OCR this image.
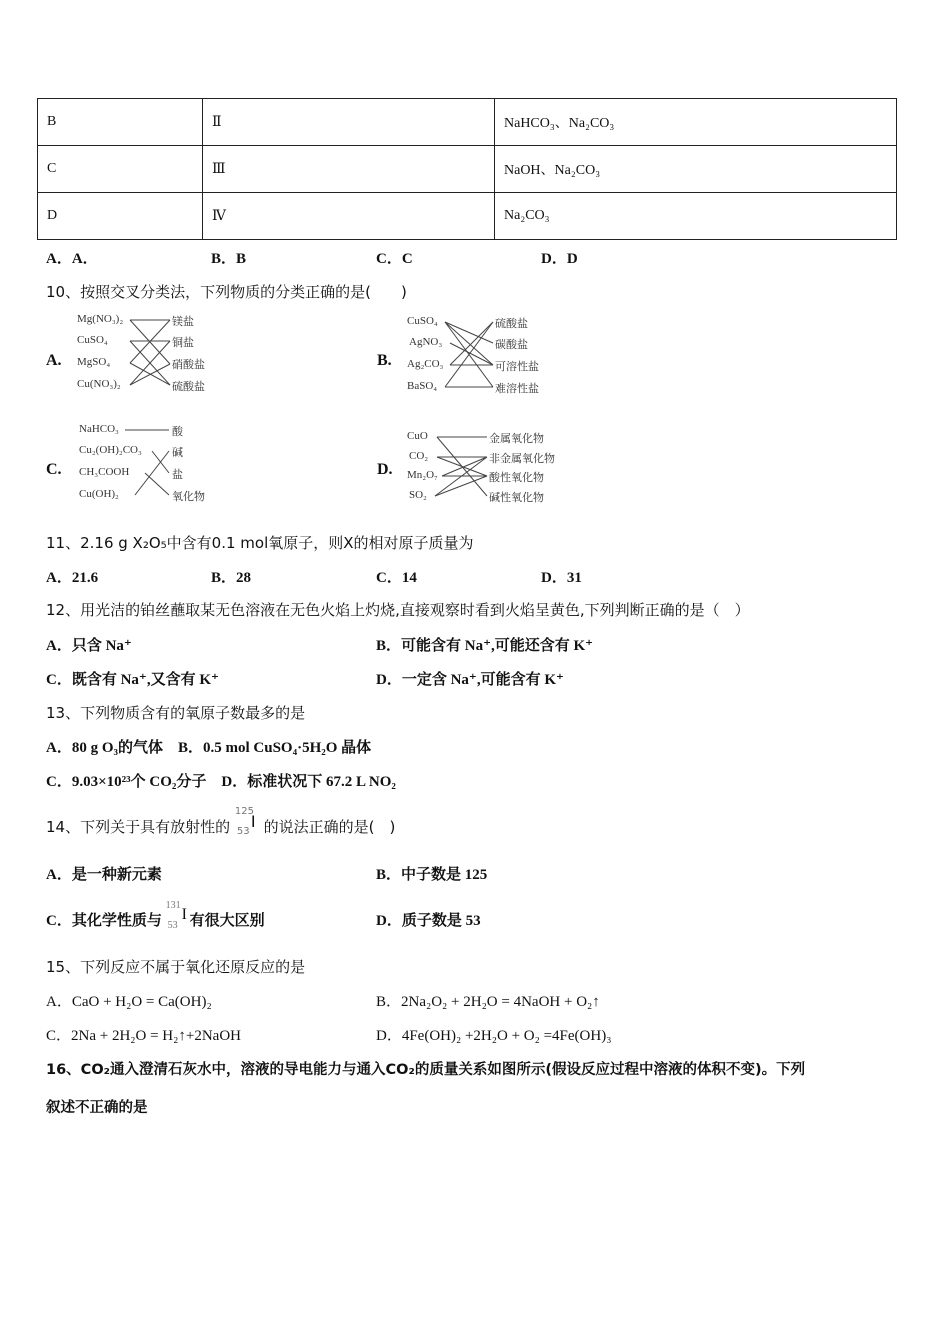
B	Ⅱ	NaHCO₃、Na₂CO₃
C	Ⅲ	NaOH、Na₂CO₃
D	Ⅳ	Na₂CO₃
A．A．	B．B	C．C	D．D
10、按照交叉分类法，下列物质的分类正确的是(　　)
A.
Mg(NO₃)₂
CuSO₄
MgSO₄
Cu(NO₃)₂
镁盐
铜盐
硝酸盐
硫酸盐
B.
CuSO₄
AgNO₃
Ag₂CO₃
BaSO₄
硫酸盐
碳酸盐
可溶性盐
难溶性盐
C.
NaHCO₃
Cu₂(OH)₂CO₃
CH₃COOH
Cu(OH)₂
酸
碱
盐
氧化物
D.
CuO
CO₂
Mn₂O₇
SO₂
金属氧化物
非金属氧化物
酸性氧化物
碱性氧化物
11、2.16 g X₂O₅中含有0.1 mol氧原子，则X的相对原子质量为
A．21.6	B．28	C．14	D．31
12、用光洁的铂丝蘸取某无色溶液在无色火焰上灼烧,直接观察时看到火焰呈黄色,下列判断正确的是（　）
A．只含 Na⁺	B．可能含有 Na⁺,可能还含有 K⁺
C．既含有 Na⁺,又含有 K⁺	D．一定含 Na⁺,可能含有 K⁺
13、下列物质含有的氧原子数最多的是
A．80 g O₃的气体　B．0.5 mol CuSO₄·5H₂O 晶体
C．9.03×10²³个 CO₂分子　D．标准状况下 67.2 L NO₂
14、下列关于具有放射性的
125
53
I 的说法正确的是(　)
A．是一种新元素	B．中子数是 125
C．其化学性质与
131
53
I 有很大区别	D．质子数是 53
15、下列反应不属于氧化还原反应的是
A．CaO + H₂O = Ca(OH)₂	B．2Na₂O₂ + 2H₂O = 4NaOH + O₂↑
C．2Na + 2H₂O = H₂↑+2NaOH	D．4Fe(OH)₂ +2H₂O + O₂ =4Fe(OH)₃
16、CO₂通入澄清石灰水中，溶液的导电能力与通入CO₂的质量关系如图所示(假设反应过程中溶液的体积不变)。下列
叙述不正确的是
